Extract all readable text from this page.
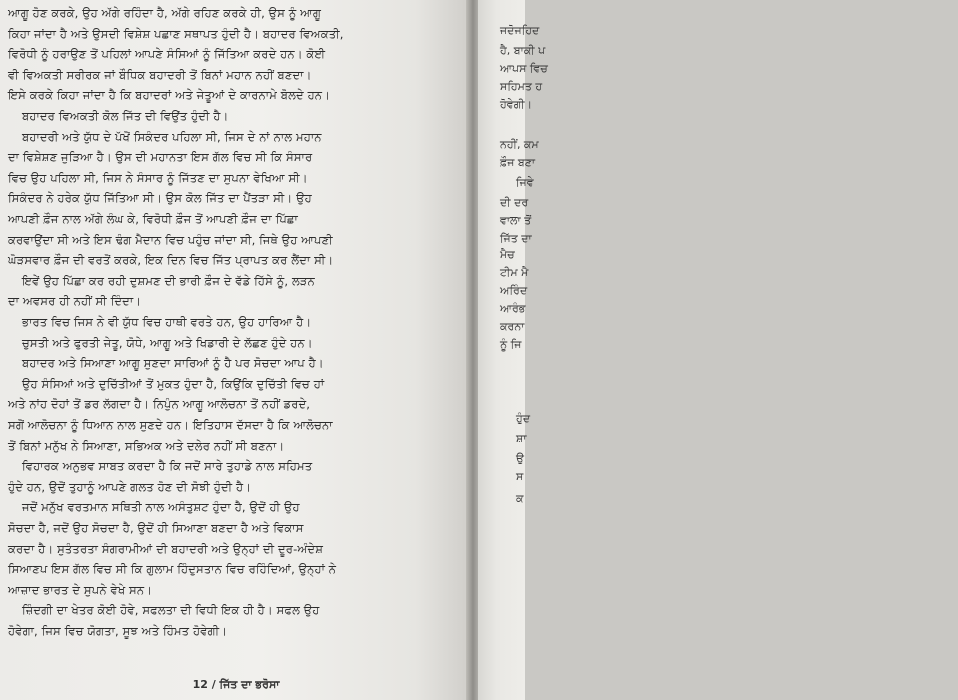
ਆਗੂ ਹੋਣ ਕਰਕੇ, ਉਹ ਅੱਗੇ ਰਹਿੰਦਾ ਹੈ, ਅੱਗੇ ਰਹਿਣ ਕਰਕੇ ਹੀ, ਉਸ ਨੂੰ ਆਗੂ
ਕਿਹਾ ਜਾਂਦਾ ਹੈ ਅਤੇ ਉਸਦੀ ਵਿਸ਼ੇਸ਼ ਪਛਾਣ ਸਥਾਪਤ ਹੁੰਦੀ ਹੈ। ਬਹਾਦਰ ਵਿਅਕਤੀ,
ਵਿਰੋਧੀ ਨੂੰ ਹਰਾਉਣ ਤੋਂ ਪਹਿਲਾਂ ਆਪਣੇ ਸੰਸਿਆਂ ਨੂੰ ਜਿੱਤਿਆ ਕਰਦੇ ਹਨ। ਕੋਈ
ਵੀ ਵਿਅਕਤੀ ਸਰੀਰਕ ਜਾਂ ਬੌਧਿਕ ਬਹਾਦਰੀ ਤੋਂ ਬਿਨਾਂ ਮਹਾਨ ਨਹੀਂ ਬਣਦਾ।
ਇਸੇ ਕਰਕੇ ਕਿਹਾ ਜਾਂਦਾ ਹੈ ਕਿ ਬਹਾਦਰਾਂ ਅਤੇ ਜੇਤੂਆਂ ਦੇ ਕਾਰਨਾਮੇ ਬੋਲਦੇ ਹਨ।
ਬਹਾਦਰ ਵਿਅਕਤੀ ਕੋਲ ਜਿੱਤ ਦੀ ਵਿਉਂਤ ਹੁੰਦੀ ਹੈ।
ਬਹਾਦਰੀ ਅਤੇ ਯੁੱਧ ਦੇ ਪੱਖੋਂ ਸਿਕੰਦਰ ਪਹਿਲਾ ਸੀ, ਜਿਸ ਦੇ ਨਾਂ ਨਾਲ ਮਹਾਨ
ਦਾ ਵਿਸ਼ੇਸ਼ਣ ਜੁੜਿਆ ਹੈ। ਉਸ ਦੀ ਮਹਾਨਤਾ ਇਸ ਗੱਲ ਵਿਚ ਸੀ ਕਿ ਸੰਸਾਰ
ਵਿਚ ਉਹ ਪਹਿਲਾ ਸੀ, ਜਿਸ ਨੇ ਸੰਸਾਰ ਨੂੰ ਜਿੱਤਣ ਦਾ ਸੁਪਨਾ ਵੇਖਿਆ ਸੀ।
ਸਿਕੰਦਰ ਨੇ ਹਰੇਕ ਯੁੱਧ ਜਿੱਤਿਆ ਸੀ। ਉਸ ਕੋਲ ਜਿੱਤ ਦਾ ਪੈਂਤੜਾ ਸੀ। ਉਹ
ਆਪਣੀ ਫ਼ੌਜ ਨਾਲ ਅੱਗੇ ਲੰਘ ਕੇ, ਵਿਰੋਧੀ ਫ਼ੌਜ ਤੋਂ ਆਪਣੀ ਫ਼ੌਜ ਦਾ ਪਿੱਛਾ
ਕਰਵਾਉਂਦਾ ਸੀ ਅਤੇ ਇਸ ਢੰਗ ਮੈਦਾਨ ਵਿਚ ਪਹੁੰਚ ਜਾਂਦਾ ਸੀ, ਜਿਥੇ ਉਹ ਆਪਣੀ
ਘੋੜਸਵਾਰ ਫ਼ੌਜ ਦੀ ਵਰਤੋਂ ਕਰਕੇ, ਇਕ ਦਿਨ ਵਿਚ ਜਿੱਤ ਪ੍ਰਾਪਤ ਕਰ ਲੈਂਦਾ ਸੀ।
ਇਵੇਂ ਉਹ ਪਿੱਛਾ ਕਰ ਰਹੀ ਦੁਸ਼ਮਣ ਦੀ ਭਾਰੀ ਫ਼ੌਜ ਦੇ ਵੱਡੇ ਹਿੱਸੇ ਨੂੰ, ਲੜਨ
ਦਾ ਅਵਸਰ ਹੀ ਨਹੀਂ ਸੀ ਦਿੰਦਾ।
ਭਾਰਤ ਵਿਚ ਜਿਸ ਨੇ ਵੀ ਯੁੱਧ ਵਿਚ ਹਾਥੀ ਵਰਤੇ ਹਨ, ਉਹ ਹਾਰਿਆ ਹੈ।
ਚੁਸਤੀ ਅਤੇ ਫੁਰਤੀ ਜੇਤੂ, ਯੋਧੇ, ਆਗੂ ਅਤੇ ਖਿਡਾਰੀ ਦੇ ਲੱਛਣ ਹੁੰਦੇ ਹਨ।
ਬਹਾਦਰ ਅਤੇ ਸਿਆਣਾ ਆਗੂ ਸੁਣਦਾ ਸਾਰਿਆਂ ਨੂੰ ਹੈ ਪਰ ਸੋਚਦਾ ਆਪ ਹੈ।
ਉਹ ਸੰਸਿਆਂ ਅਤੇ ਦੁਚਿੱਤੀਆਂ ਤੋਂ ਮੁਕਤ ਹੁੰਦਾ ਹੈ, ਕਿਉਂਕਿ ਦੁਚਿੱਤੀ ਵਿਚ ਹਾਂ
ਅਤੇ ਨਾਂਹ ਦੋਹਾਂ ਤੋਂ ਡਰ ਲੱਗਦਾ ਹੈ। ਨਿਪੁੰਨ ਆਗੂ ਆਲੋਚਨਾ ਤੋਂ ਨਹੀਂ ਡਰਦੇ,
ਸਗੋਂ ਆਲੋਚਨਾ ਨੂੰ ਧਿਆਨ ਨਾਲ ਸੁਣਦੇ ਹਨ। ਇਤਿਹਾਸ ਦੱਸਦਾ ਹੈ ਕਿ ਆਲੋਚਨਾ
ਤੋਂ ਬਿਨਾਂ ਮਨੁੱਖ ਨੇ ਸਿਆਣਾ, ਸਭਿਅਕ ਅਤੇ ਦਲੇਰ ਨਹੀਂ ਸੀ ਬਣਨਾ।
ਵਿਹਾਰਕ ਅਨੁਭਵ ਸਾਬਤ ਕਰਦਾ ਹੈ ਕਿ ਜਦੋਂ ਸਾਰੇ ਤੁਹਾਡੇ ਨਾਲ ਸਹਿਮਤ
ਹੁੰਦੇ ਹਨ, ਉਦੋਂ ਤੁਹਾਨੂੰ ਆਪਣੇ ਗਲਤ ਹੋਣ ਦੀ ਸੋਝੀ ਹੁੰਦੀ ਹੈ।
ਜਦੋਂ ਮਨੁੱਖ ਵਰਤਮਾਨ ਸਥਿਤੀ ਨਾਲ ਅਸੰਤੁਸ਼ਟ ਹੁੰਦਾ ਹੈ, ਉਦੋਂ ਹੀ ਉਹ
ਸੋਚਦਾ ਹੈ, ਜਦੋਂ ਉਹ ਸੋਚਦਾ ਹੈ, ਉਦੋਂ ਹੀ ਸਿਆਣਾ ਬਣਦਾ ਹੈ ਅਤੇ ਵਿਕਾਸ
ਕਰਦਾ ਹੈ। ਸੁਤੰਤਰਤਾ ਸੰਗਰਾਮੀਆਂ ਦੀ ਬਹਾਦਰੀ ਅਤੇ ਉਨ੍ਹਾਂ ਦੀ ਦੂਰ-ਅੰਦੇਸ਼
ਸਿਆਣਪ ਇਸ ਗੱਲ ਵਿਚ ਸੀ ਕਿ ਗੁਲਾਮ ਹਿੰਦੁਸਤਾਨ ਵਿਚ ਰਹਿੰਦਿਆਂ, ਉਨ੍ਹਾਂ ਨੇ
ਆਜ਼ਾਦ ਭਾਰਤ ਦੇ ਸੁਪਨੇ ਵੇਖੇ ਸਨ।
ਜ਼ਿੰਦਗੀ ਦਾ ਖੇਤਰ ਕੋਈ ਹੋਵੇ, ਸਫਲਤਾ ਦੀ ਵਿਧੀ ਇਕ ਹੀ ਹੈ। ਸਫਲ ਉਹ
ਹੋਵੇਗਾ, ਜਿਸ ਵਿਚ ਯੋਗਤਾ, ਸੂਝ ਅਤੇ ਹਿੰਮਤ ਹੋਵੇਗੀ।
12 / ਜਿੱਤ ਦਾ ਭਰੋਸਾ
ਜਦੋਜਹਿਦ
ਹੈ, ਬਾਕੀ ਪ
ਆਪਸ ਵਿਚ
ਸਹਿਮਤ ਹ
ਹੋਵੇਗੀ।
ਨਹੀਂ, ਕਮ
ਫ਼ੌਜ ਬਣਾ
ਜਿਵੇ
ਦੀ ਦਰ
ਵਾਲਾ ਤੋਂ
ਜਿੱਤ ਦਾ
ਮੈਚ
ਟੀਮ ਮੈ
ਅਰਿੰਦ
ਆਰੰਭ
ਕਰਨਾ
ਨੂੰ ਜਿ
ਹੁੰਦ
ਸ਼ਾ
ਉ
ਸ
ਕ
